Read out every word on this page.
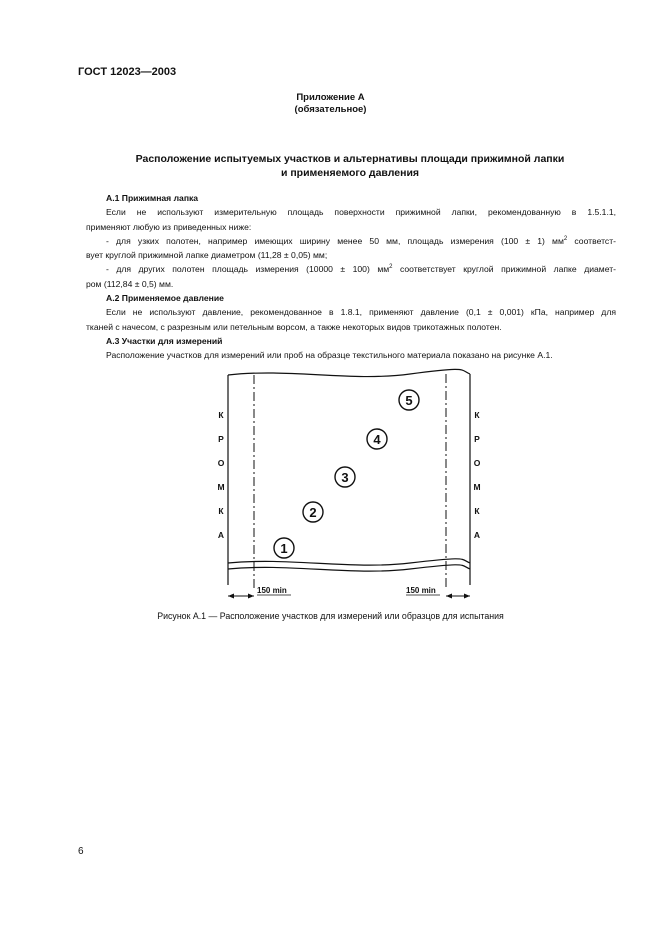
ГОСТ 12023—2003
Приложение А
(обязательное)
Расположение испытуемых участков и альтернативы площади прижимной лапки
и применяемого давления

А.1 Прижимная лапка

Если не используют измерительную площадь поверхности прижимной лапки, рекомендованную в 1.5.1.1,

применяют любую из приведенных ниже:

- для узких полотен, например имеющих ширину менее 50 мм, площадь измерения (100 ± 1) $мм^2$ соответст-

вует круглой прижимной лапке диаметром (11,28 ± 0,05) мм;

- для других полотен площадь измерения (10000 ± 100) $мм^2$ соответствует круглой прижимной лапке диамет-

ром (112,84 ± 0,5) мм.

А.2 Применяемое давление

Если не используют давление, рекомендованное в 1.8.1, применяют давление (0,1 ± 0,001) кПа, например для

тканей с начесом, с разрезным или петельным ворсом, а также некоторых видов трикотажных полотен.

А.3 Участки для измерений

Расположение участков для измерений или проб на образце текстильного материала показано на рисунке А.1.

К
Р
О
М
К
А
К
Р
О
М
К
А
1
2
3
4
5
150 min	150 min
Рисунок А.1 — Расположение участков для измерений или образцов для испытания
6
